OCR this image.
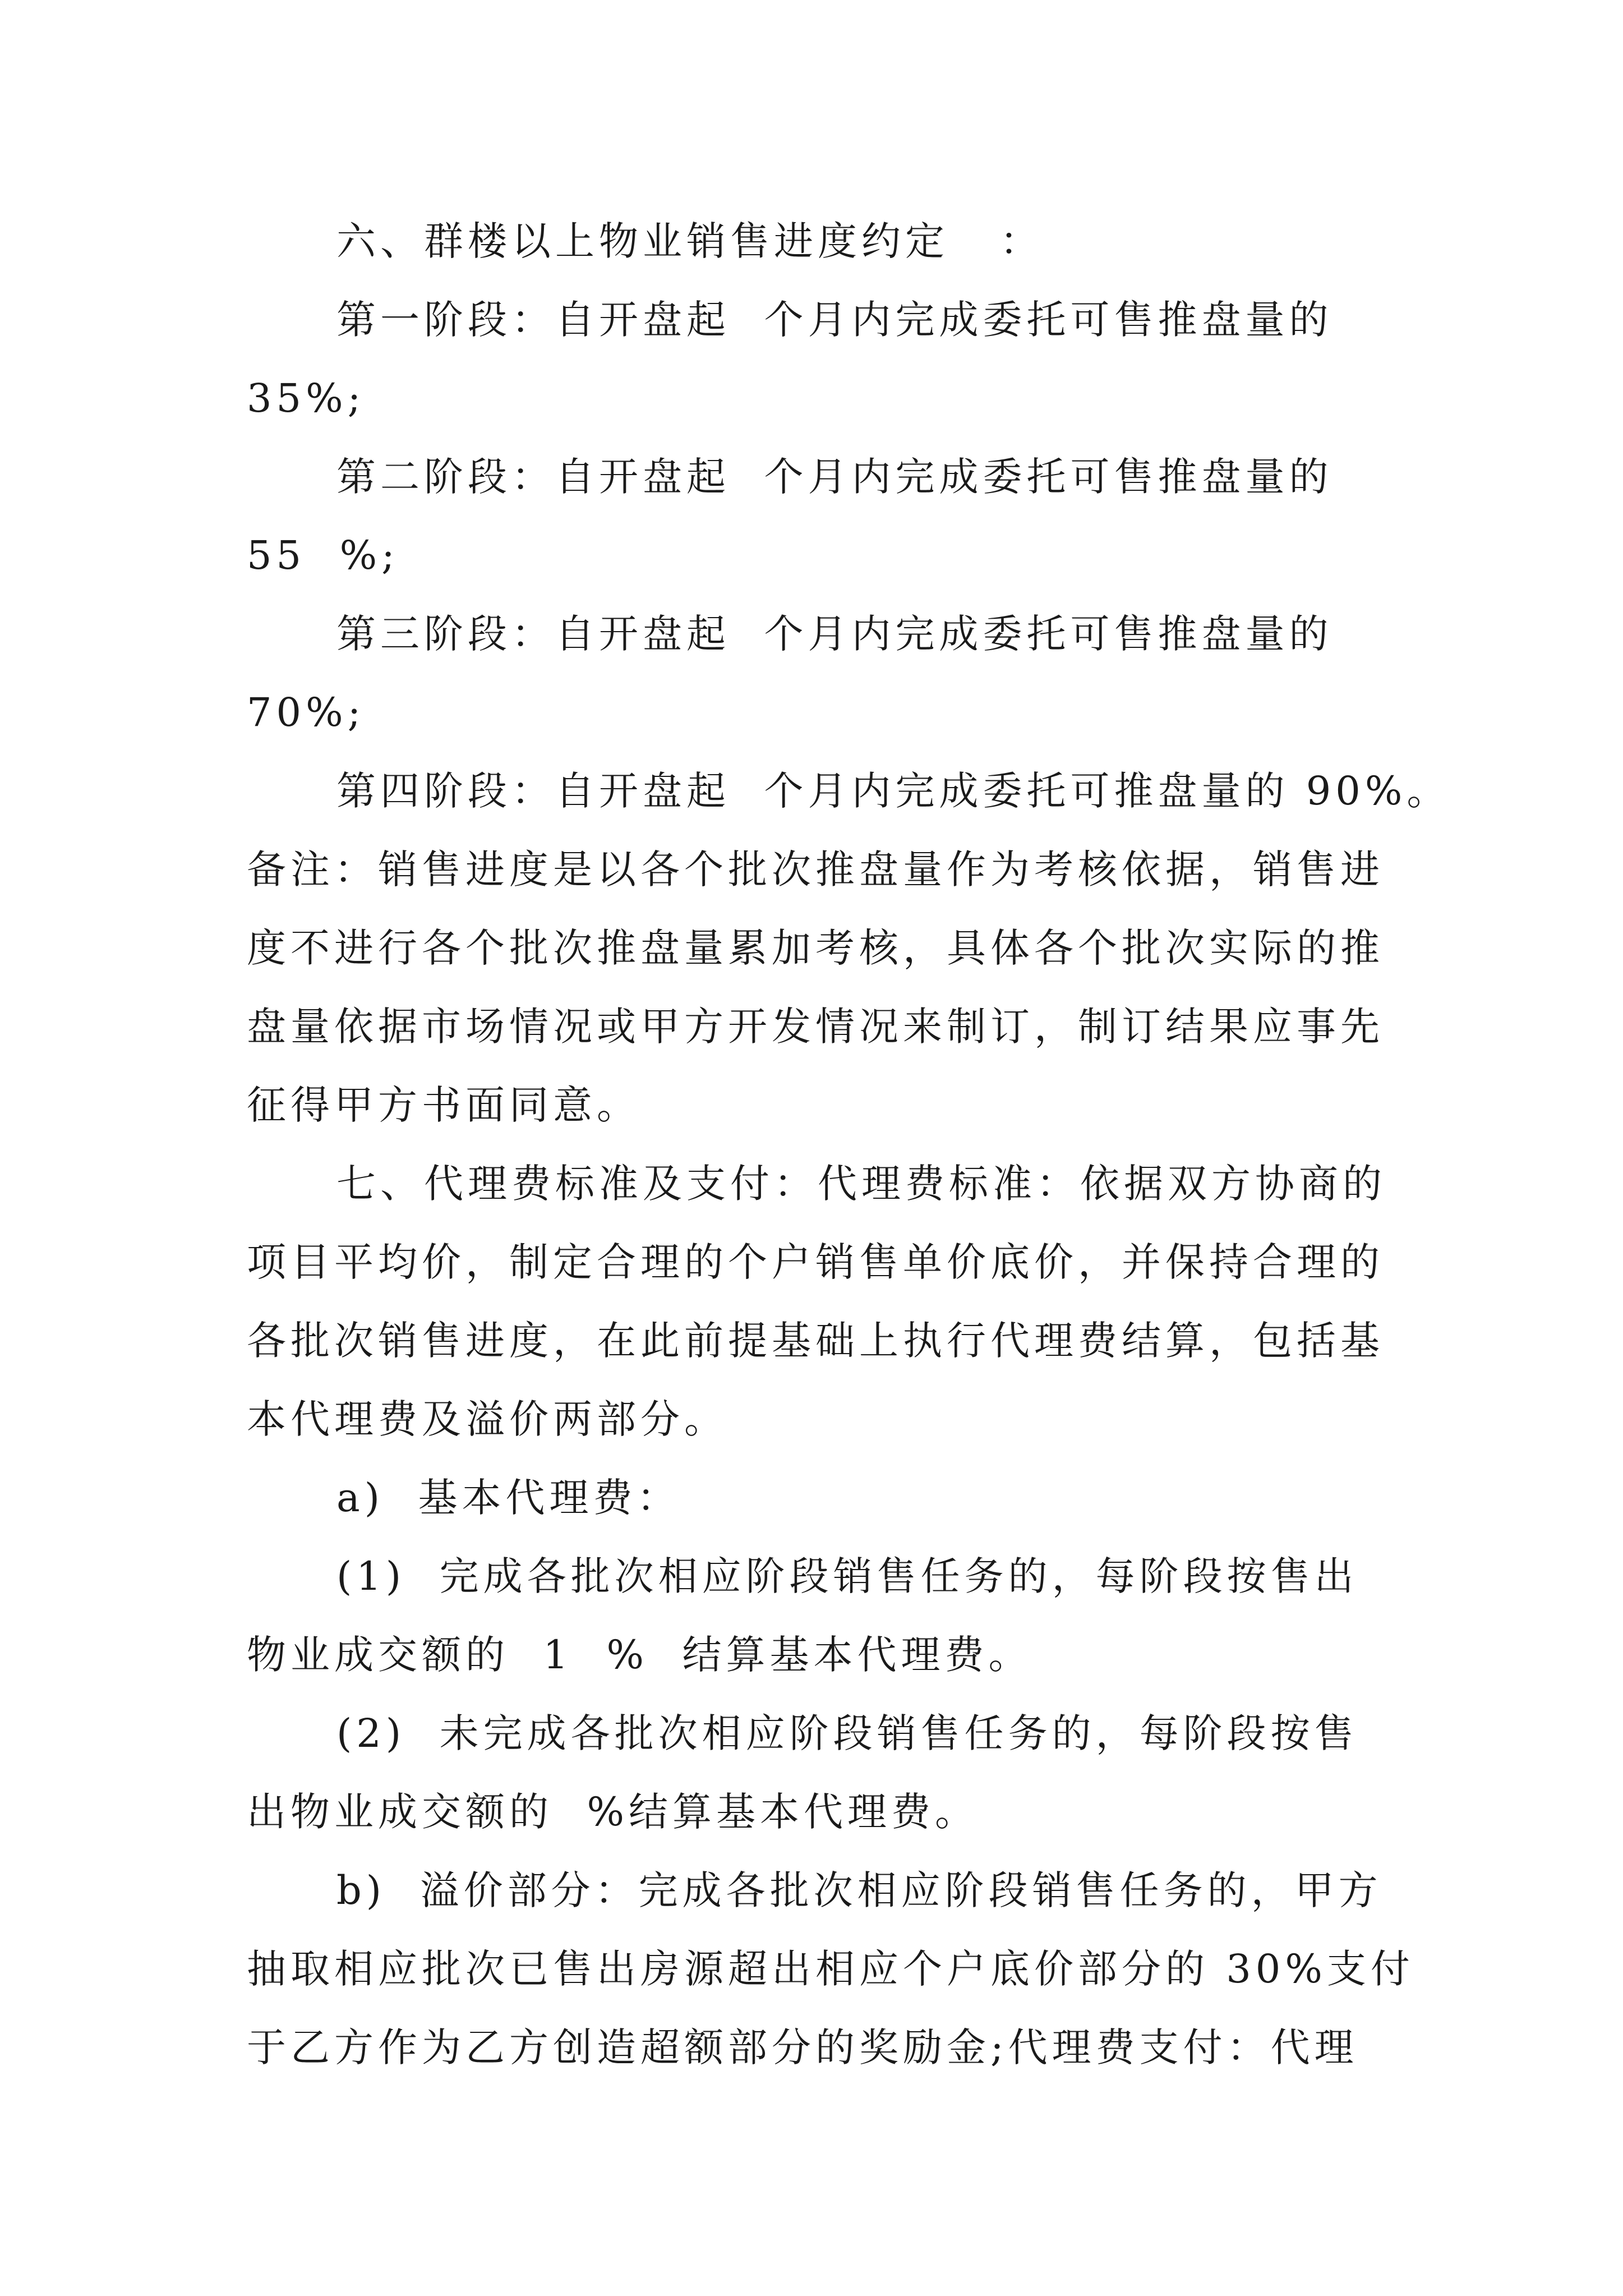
六、群楼以上物业销售进度约定   ：
第一阶段：自开盘起  个月内完成委托可售推盘量的
35%;
第二阶段：自开盘起  个月内完成委托可售推盘量的
55  %;
第三阶段：自开盘起  个月内完成委托可售推盘量的
70%;
第四阶段：自开盘起  个月内完成委托可推盘量的 90%。
备注：销售进度是以各个批次推盘量作为考核依据，销售进
度不进行各个批次推盘量累加考核，具体各个批次实际的推
盘量依据市场情况或甲方开发情况来制订，制订结果应事先
征得甲方书面同意。
七、代理费标准及支付：代理费标准：依据双方协商的
项目平均价，制定合理的个户销售单价底价，并保持合理的
各批次销售进度，在此前提基础上执行代理费结算，包括基
本代理费及溢价两部分。
a)  基本代理费：
(1)  完成各批次相应阶段销售任务的，每阶段按售出
物业成交额的  1  %  结算基本代理费。
(2)  未完成各批次相应阶段销售任务的，每阶段按售
出物业成交额的  %结算基本代理费。
b)  溢价部分：完成各批次相应阶段销售任务的，甲方
抽取相应批次已售出房源超出相应个户底价部分的 30%支付
于乙方作为乙方创造超额部分的奖励金;代理费支付：代理
